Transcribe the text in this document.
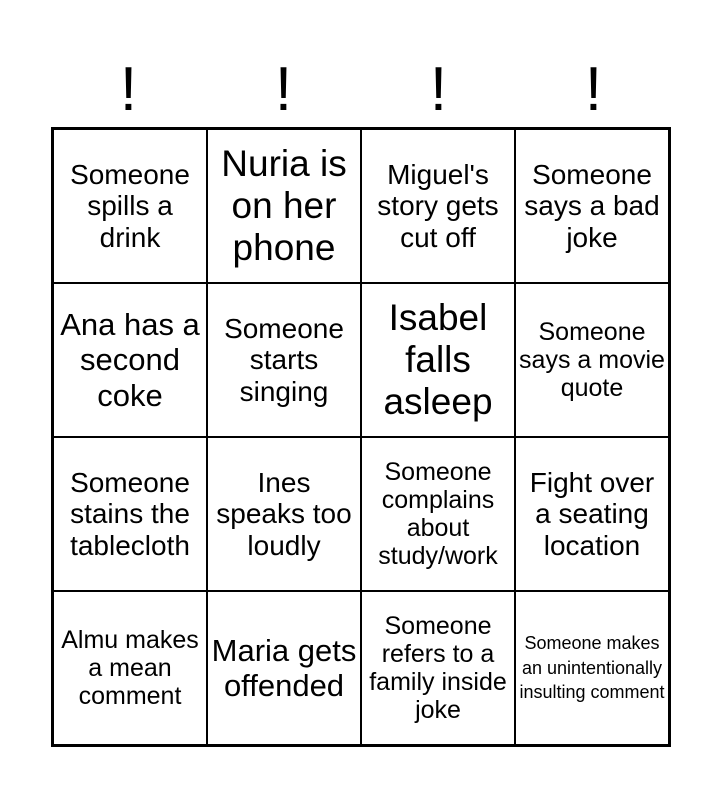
!	!	!	!
Someone spills a drink
Nuria is on her phone
Miguel's story gets cut off
Someone says a bad joke
Ana has a second coke
Someone starts singing
Isabel falls asleep
Someone says a movie quote
Someone stains the tablecloth
Ines speaks too loudly
Someone complains about study/work
Fight over a seating location
Almu makes a mean comment
Maria gets offended
Someone refers to a family inside joke
Someone makes an unintentionally insulting comment
